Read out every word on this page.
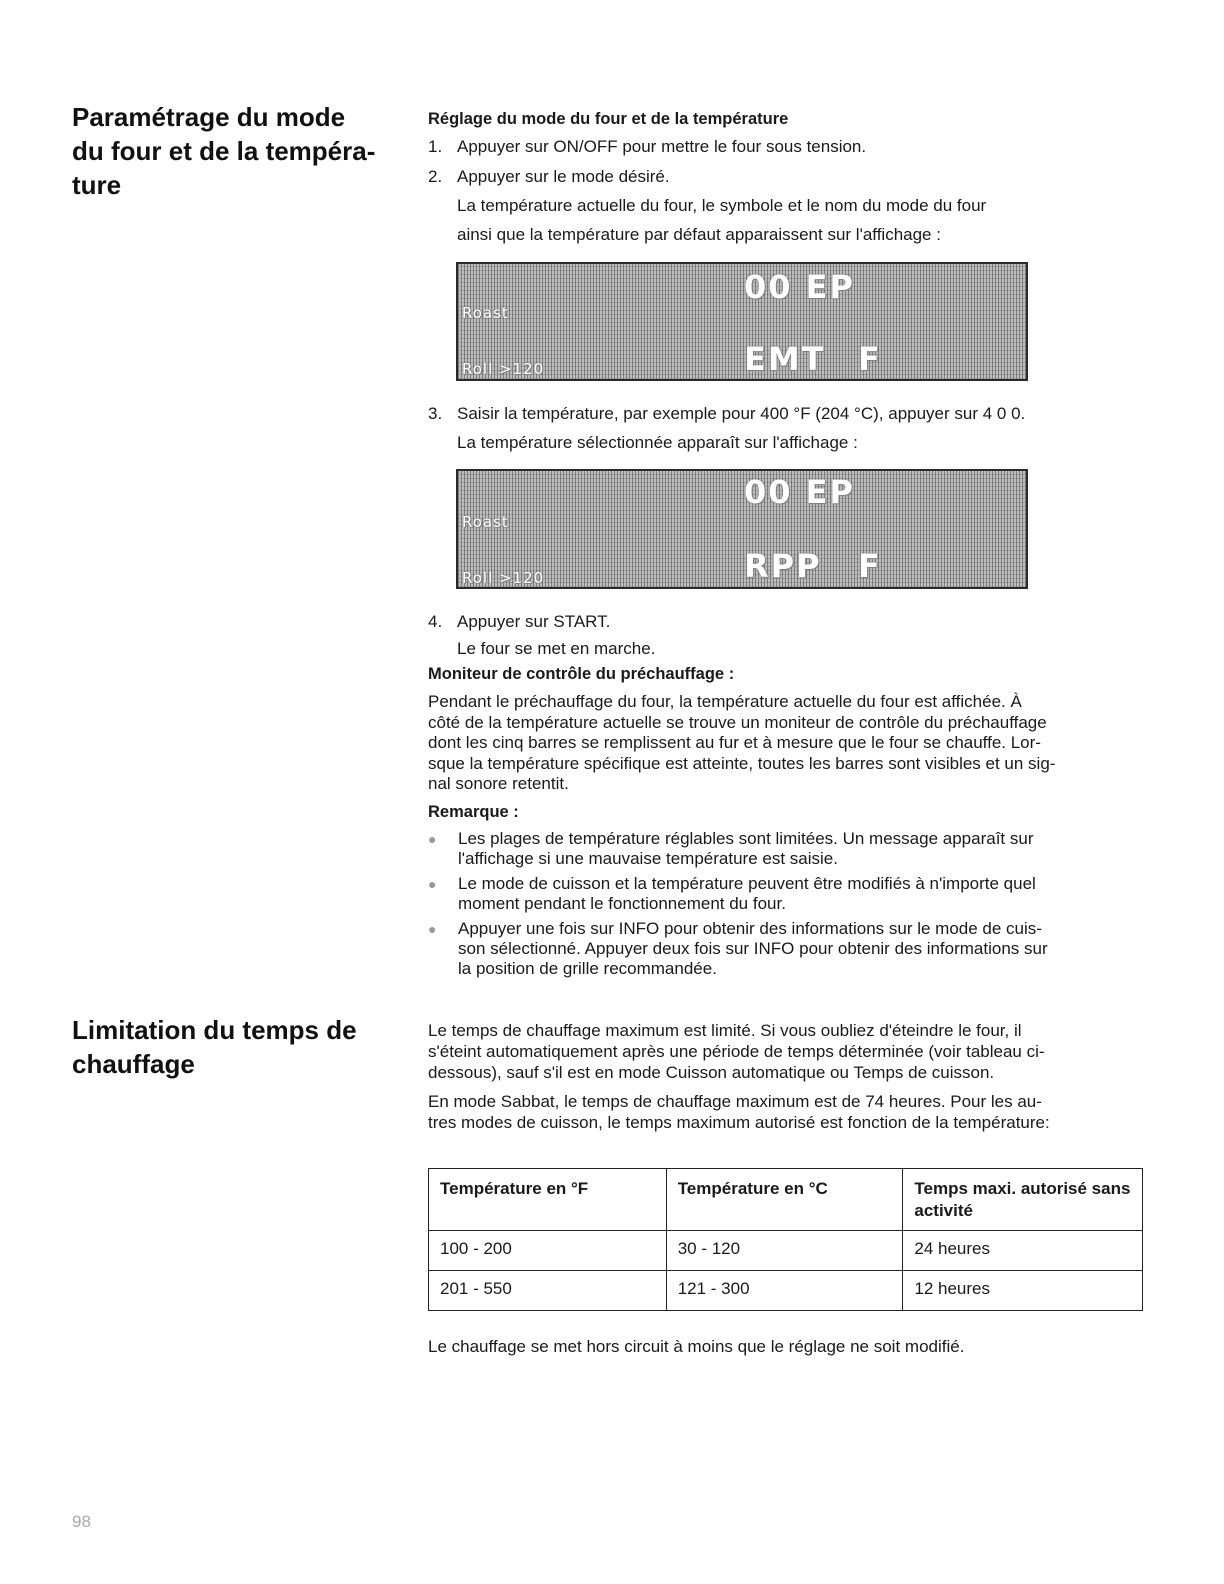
Paramétrage du mode
du four et de la tempéra-
ture
Limitation du temps de
chauffage

Réglage du mode du four et de la température

1. Appuyer sur ON/OFF pour mettre le four sous tension.

2. Appuyer sur le mode désiré.
La température actuelle du four, le symbole et le nom du mode du four
ainsi que la température par défaut apparaissent sur l'affichage :

00 EP
Roast
EMT F
Roll >120

3. Saisir la température, par exemple pour 400 °F (204 °C), appuyer sur 4 0 0.
La température sélectionnée apparaît sur l'affichage :

00 EP
Roast
RPP F
Roll >120

4. Appuyer sur START.
Le four se met en marche.

Moniteur de contrôle du préchauffage :

Pendant le préchauffage du four, la température actuelle du four est affichée. À
côté de la température actuelle se trouve un moniteur de contrôle du préchauffage
dont les cinq barres se remplissent au fur et à mesure que le four se chauffe. Lor-
sque la température spécifique est atteinte, toutes les barres sont visibles et un sig-
nal sonore retentit.

Remarque :

● Les plages de température réglables sont limitées. Un message apparaît sur
l'affichage si une mauvaise température est saisie.

● Le mode de cuisson et la température peuvent être modifiés à n'importe quel
moment pendant le fonctionnement du four.

● Appuyer une fois sur INFO pour obtenir des informations sur le mode de cuis-
son sélectionné. Appuyer deux fois sur INFO pour obtenir des informations sur
la position de grille recommandée.

Le temps de chauffage maximum est limité. Si vous oubliez d'éteindre le four, il
s'éteint automatiquement après une période de temps déterminée (voir tableau ci-
dessous), sauf s'il est en mode Cuisson automatique ou Temps de cuisson.

En mode Sabbat, le temps de chauffage maximum est de 74 heures. Pour les au-
tres modes de cuisson, le temps maximum autorisé est fonction de la température:

Température en °F	Température en °C	Temps maxi. autorisé sans activité
100 - 200	30 - 120	24 heures
201 - 550	121 - 300	12 heures

Le chauffage se met hors circuit à moins que le réglage ne soit modifié.

98
